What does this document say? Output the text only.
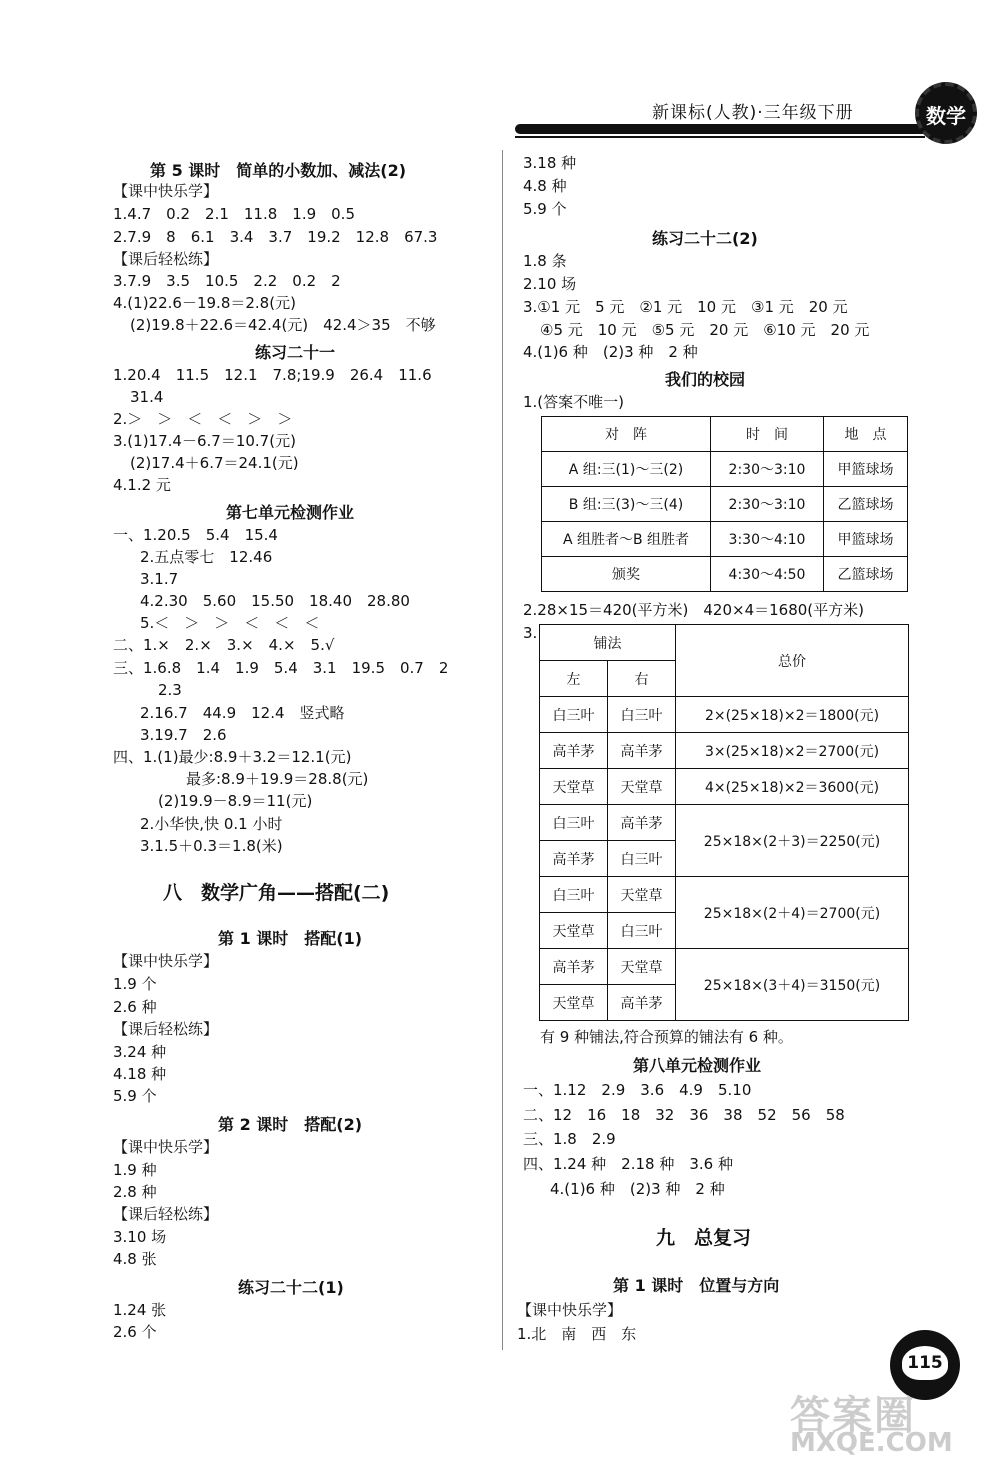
新课标(人教)·三年级下册	数学
第 5 课时　简单的小数加、减法(2)
【课中快乐学】
1.4.7　0.2　2.1　11.8　1.9　0.5
2.7.9　8　6.1　3.4　3.7　19.2　12.8　67.3
【课后轻松练】
3.7.9　3.5　10.5　2.2　0.2　2
4.(1)22.6－19.8＝2.8(元)
(2)19.8＋22.6＝42.4(元)　42.4＞35　不够
练习二十一
1.20.4　11.5　12.1　7.8;19.9　26.4　11.6
31.4
2.＞　＞　＜　＜　＞　＞
3.(1)17.4－6.7＝10.7(元)
(2)17.4＋6.7＝24.1(元)
4.1.2 元
第七单元检测作业
一、1.20.5　5.4　15.4
2.五点零七　12.46
3.1.7
4.2.30　5.60　15.50　18.40　28.80
5.＜　＞　＞　＜　＜　＜
二、1.×　2.×　3.×　4.×　5.√
三、1.6.8　1.4　1.9　5.4　3.1　19.5　0.7　2
2.3
2.16.7　44.9　12.4　竖式略
3.19.7　2.6
四、1.(1)最少:8.9＋3.2＝12.1(元)
最多:8.9＋19.9＝28.8(元)
(2)19.9－8.9＝11(元)
2.小华快,快 0.1 小时
3.1.5＋0.3＝1.8(米)
八　数学广角——搭配(二)
第 1 课时　搭配(1)
【课中快乐学】
1.9 个
2.6 种
【课后轻松练】
3.24 种
4.18 种
5.9 个
第 2 课时　搭配(2)
【课中快乐学】
1.9 种
2.8 种
【课后轻松练】
3.10 场
4.8 张
练习二十二(1)
1.24 张
2.6 个
3.18 种
4.8 种
5.9 个
练习二十二(2)
1.8 条
2.10 场
3.①1 元　5 元　②1 元　10 元　③1 元　20 元
④5 元　10 元　⑤5 元　20 元　⑥10 元　20 元
4.(1)6 种　(2)3 种　2 种
我们的校园
1.(答案不唯一)
对　阵	时　间	地　点
A 组:三(1)～三(2)	2:30～3:10	甲篮球场
B 组:三(3)～三(4)	2:30～3:10	乙篮球场
A 组胜者～B 组胜者	3:30～4:10	甲篮球场
颁奖	4:30～4:50	乙篮球场
2.28×15＝420(平方米)　420×4＝1680(平方米)
3.
铺法		总价
左	右	
白三叶	白三叶	2×(25×18)×2＝1800(元)
高羊茅	高羊茅	3×(25×18)×2＝2700(元)
天堂草	天堂草	4×(25×18)×2＝3600(元)
白三叶	高羊茅	25×18×(2＋3)＝2250(元)
高羊茅	白三叶	
白三叶	天堂草	25×18×(2＋4)＝2700(元)
天堂草	白三叶	
高羊茅	天堂草	25×18×(3＋4)＝3150(元)
天堂草	高羊茅	
有 9 种铺法,符合预算的铺法有 6 种。
第八单元检测作业
一、1.12　2.9　3.6　4.9　5.10
二、12　16　18　32　36　38　52　56　58
三、1.8　2.9
四、1.24 种　2.18 种　3.6 种
4.(1)6 种　(2)3 种　2 种
九　总复习
第 1 课时　位置与方向
【课中快乐学】
1.北　南　西　东
115
答案圈
MXQE.COM
